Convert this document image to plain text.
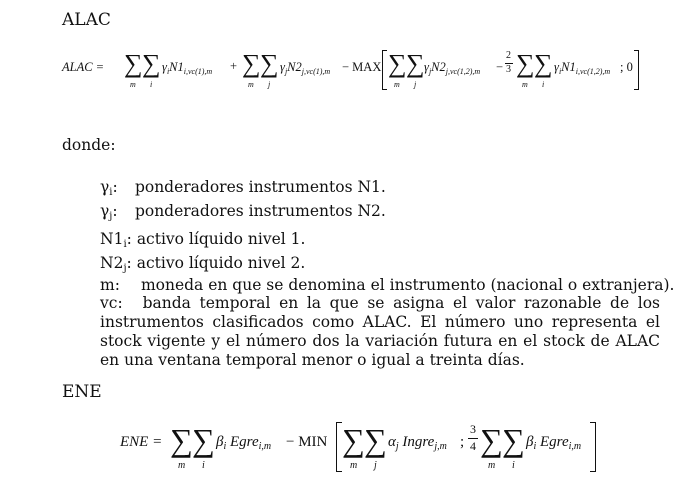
ALAC
ALAC = ∑ ∑
m i
$\gamma_iN1_{i,vc(1),m}$ + ∑ ∑
m j
$\gamma_jN2_{j,vc(1),m}$ − MAX ∑ ∑
m j
$\gamma_jN2_{j,vc(1,2),m}$ −
2
3 ∑ ∑
m i
$\gamma_iN1_{i,vc(1,2),m}$ ; 0
donde:
$\gamma_i$: ponderadores instrumentos N1.
$\gamma_j$: ponderadores instrumentos N2.
$N1_i$: activo líquido nivel 1.
$N2_j$: activo líquido nivel 2.
m: moneda en que se denomina el instrumento (nacional o extranjera).
vc: banda temporal en la que se asigna el valor razonable de los instrumentos clasificados como ALAC. El número uno representa el stock vigente y el número dos la variación futura en el stock de ALAC en una ventana temporal menor o igual a treinta días.
ENE
ENE = ∑ ∑
m i
$\beta_i$ Egre$_{i,m}$ − MIN ∑ ∑
m j
$\alpha_j$ Ingre$_{j,m}$ ;
3
4 ∑ ∑
m i
$\beta_i$ Egre$_{i,m}$
